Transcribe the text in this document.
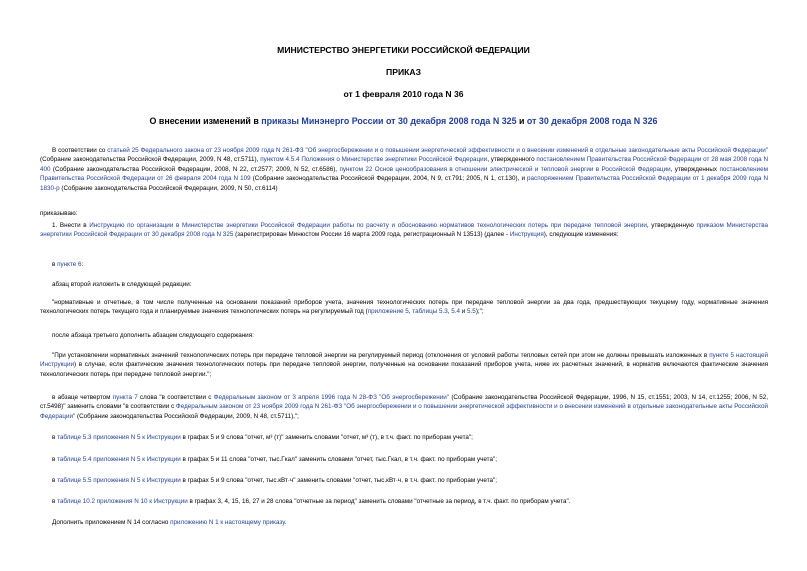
МИНИСТЕРСТВО ЭНЕРГЕТИКИ РОССИЙСКОЙ ФЕДЕРАЦИИ

ПРИКАЗ

от 1 февраля 2010 года N 36

О внесении изменений в приказы Минэнерго России от 30 декабря 2008 года N 325 и от 30 декабря 2008 года N 326

В соответствии со статьей 25 Федерального закона от 23 ноября 2009 года N 261-ФЗ "Об энергосбережении и о повышении энергетической эффективности и о внесении изменений в отдельные законодательные акты Российской Федерации" (Собрание законодательства Российской Федерации, 2009, N 48, ст.5711), пунктом 4.5.4 Положения о Министерстве энергетики Российской Федерации, утвержденного постановлением Правительства Российской Федерации от 28 мая 2008 года N 400 (Собрание законодательства Российской Федерации, 2008, N 22, ст.2577; 2009, N 52, ст.6586), пунктом 22 Основ ценообразования в отношении электрической и тепловой энергии в Российской Федерации, утвержденных постановлением Правительства Российской Федерации от 26 февраля 2004 года N 109 (Собрание законодательства Российской Федерации, 2004, N 9, ст.791; 2005, N 1, ст.130), и распоряжением Правительства Российской Федерации от 1 декабря 2009 года N 1830-р (Собрание законодательства Российской Федерации, 2009, N 50, ст.6114)

приказываю:

1. Внести в Инструкцию по организации в Министерстве энергетики Российской Федерации работы по расчету и обоснованию нормативов технологических потерь при передаче тепловой энергии, утвержденную приказом Министерства энергетики Российской Федерации от 30 декабря 2008 года N 325 (зарегистрирован Минюстом России 16 марта 2009 года, регистрационный N 13513) (далее - Инструкция), следующие изменения:

в пункте 6:

абзац второй изложить в следующей редакции:

"нормативные и отчетные, в том числе полученные на основании показаний приборов учета, значения технологических потерь при передаче тепловой энергии за два года, предшествующих текущему году, нормативные значения технологических потерь текущего года и планируемые значения технологических потерь на регулируемый год (приложение 5, таблицы 5.3, 5.4 и 5.5);";

после абзаца третьего дополнить абзацем следующего содержания:

"При установлении нормативных значений технологических потерь при передаче тепловой энергии на регулируемый период (отклонения от условий работы тепловых сетей при этом не должны превышать изложенных в пункте 5 настоящей Инструкции) в случае, если фактические значения технологических потерь при передаче тепловой энергии, полученные на основании показаний приборов учета, ниже их расчетных значений, в норматив включаются фактические значения технологических потерь при передаче тепловой энергии.";

в абзаце четвертом пункта 7 слова "в соответствии с Федеральным законом от 3 апреля 1996 года N 28-ФЗ "Об энергосбережении" (Собрание законодательства Российской Федерации, 1996, N 15, ст.1551; 2003, N 14, ст.1255; 2006, N 52, ст.5498)" заменить словами "в соответствии с Федеральным законом от 23 ноября 2009 года N 261-ФЗ "Об энергосбережении и о повышении энергетической эффективности и о внесении изменений в отдельные законодательные акты Российской Федерации" (Собрание законодательства Российской Федерации, 2009, N 48, ст.5711),";

в таблице 5.3 приложения N 5 к Инструкции в графах 5 и 9 слова "отчет, м³ (т)" заменить словами "отчет, м³ (т), в т.ч. факт. по приборам учета";

в таблице 5.4 приложения N 5 к Инструкции в графах 5 и 11 слова "отчет, тыс.Гкал" заменить словами "отчет, тыс.Гкал, в т.ч. факт. по приборам учета";

в таблице 5.5 приложения N 5 к Инструкции в графах 5 и 9 слова "отчет, тыс.кВт·ч" заменить словами "отчет, тыс.кВт·ч, в т.ч. факт. по приборам учета";

в таблице 10.2 приложения N 10 к Инструкции в графах 3, 4, 15, 16, 27 и 28 слова "отчетные за период" заменить словами "отчетные за период, в т.ч. факт. по приборам учета".

Дополнить приложением N 14 согласно приложению N 1 к настоящему приказу.
